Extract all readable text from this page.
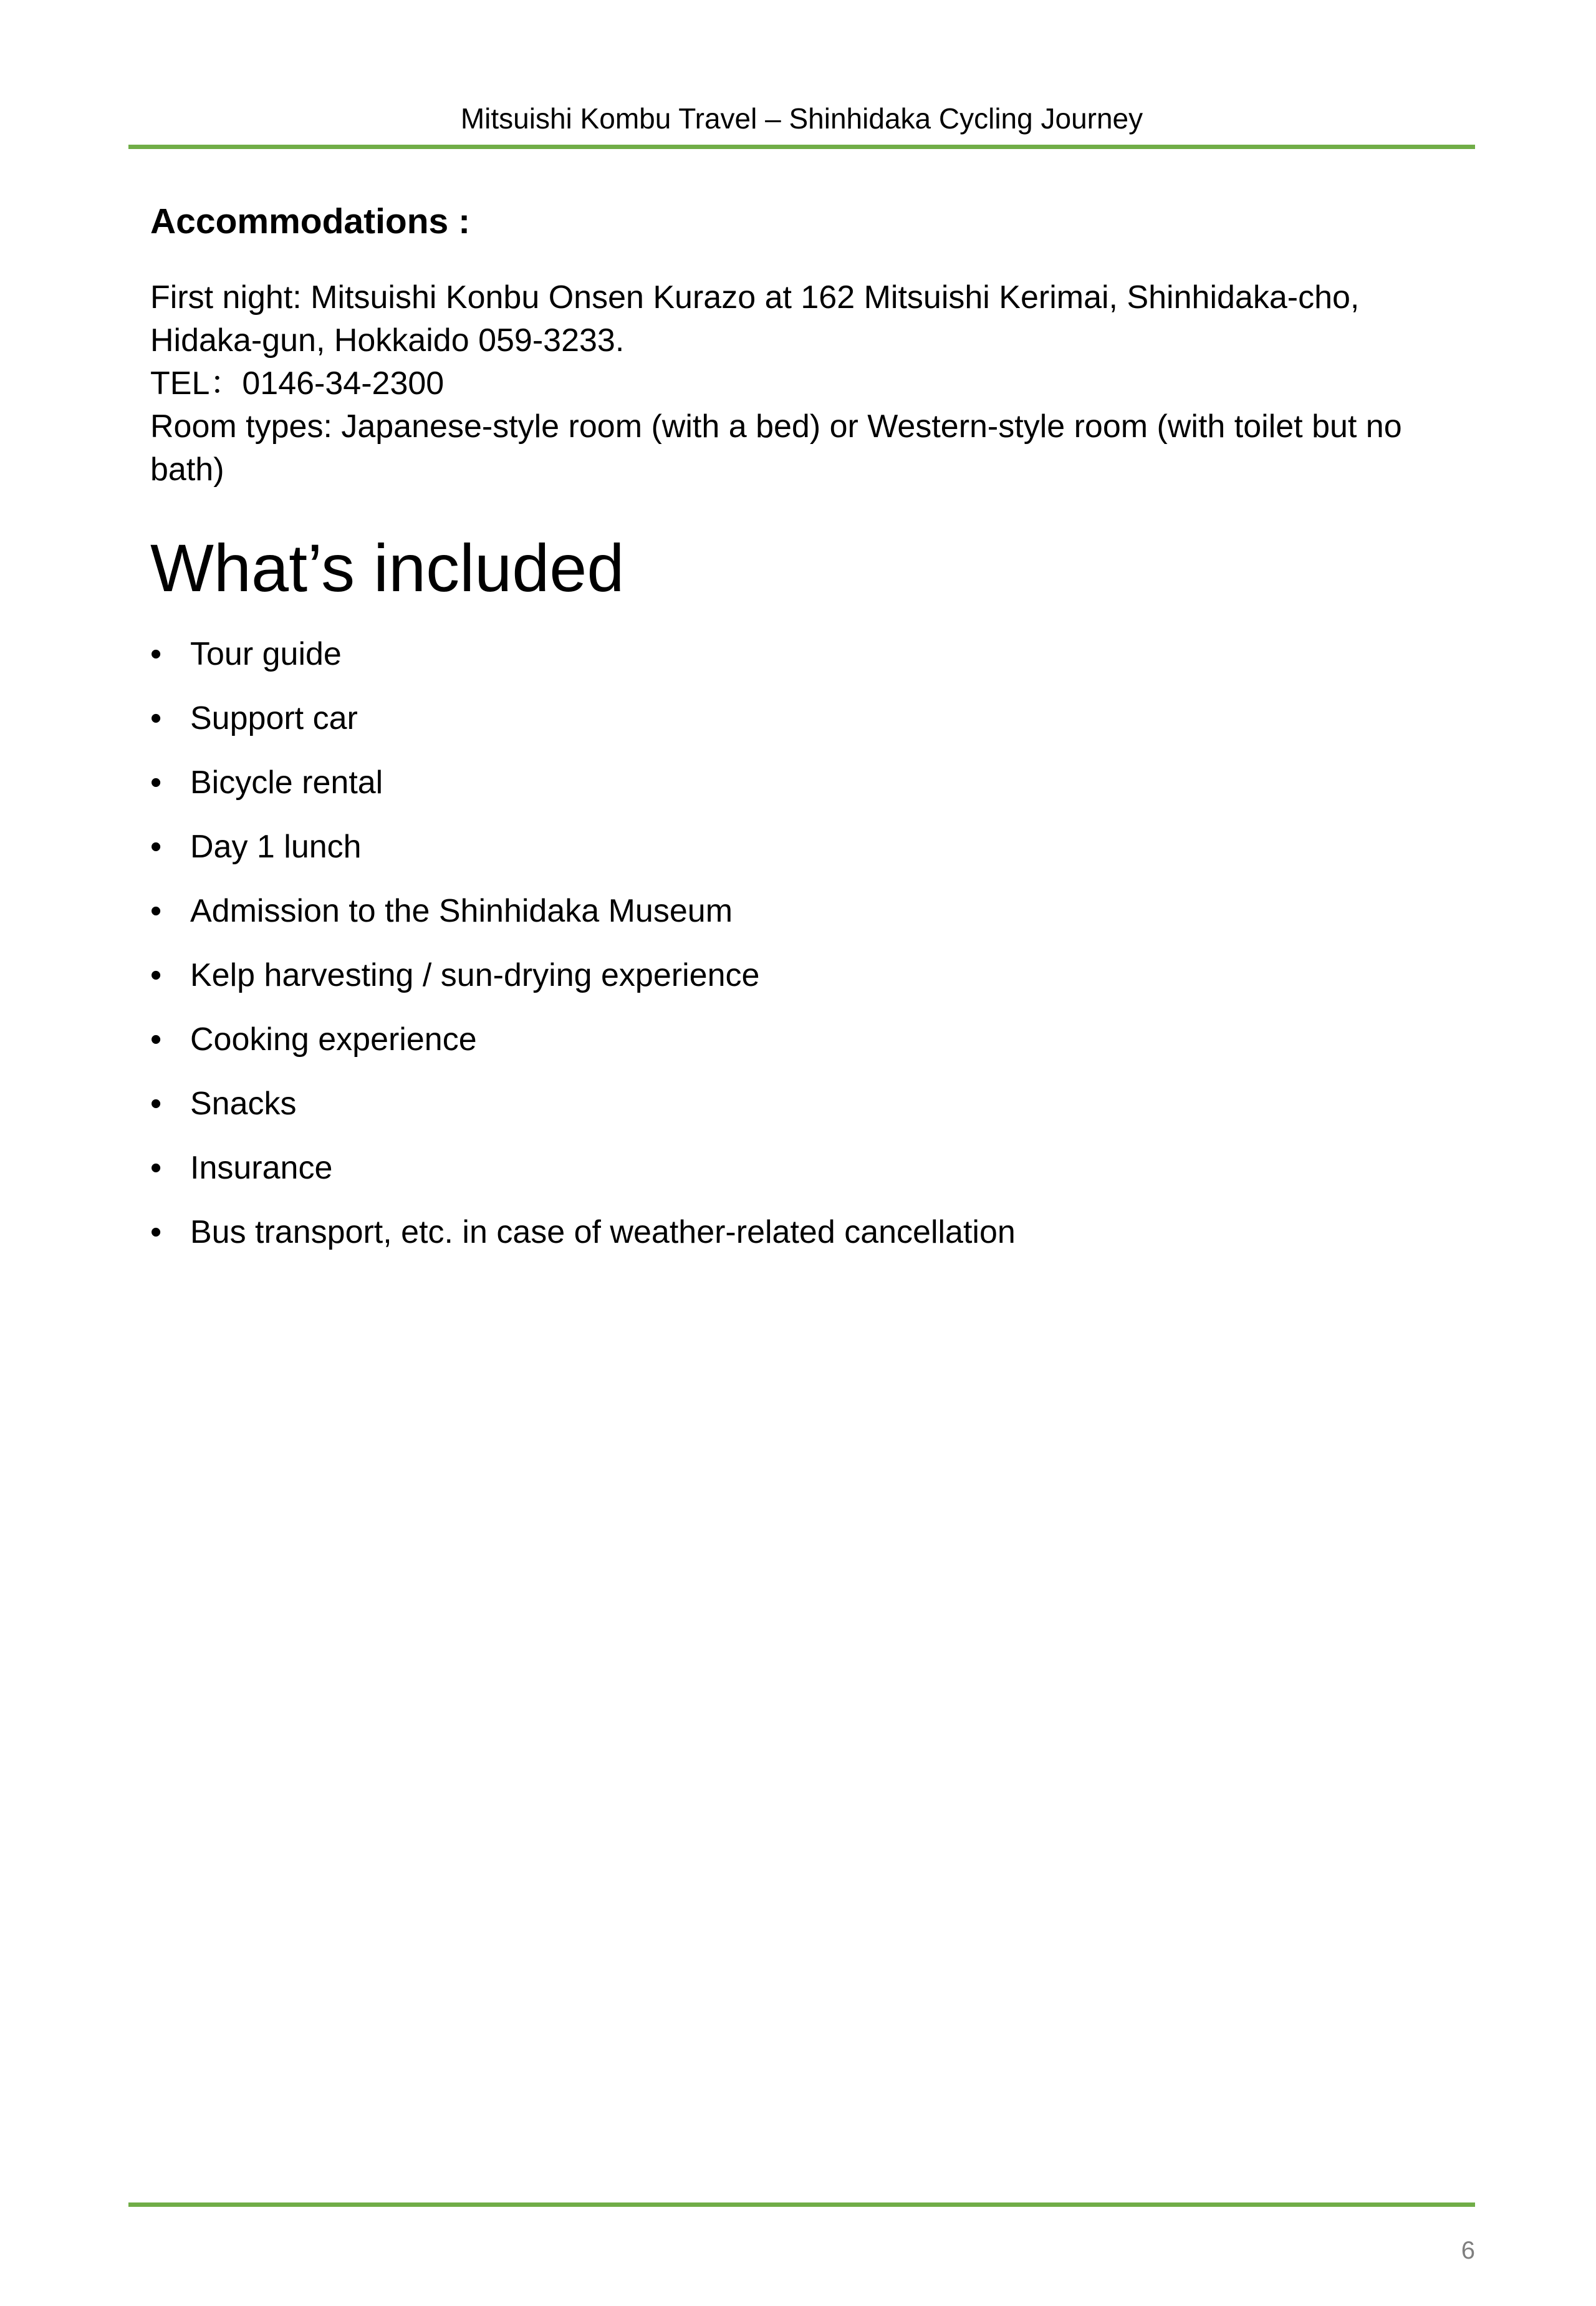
Mitsuishi Kombu Travel – Shinhidaka Cycling Journey
Accommodations :
First night: Mitsuishi Konbu Onsen Kurazo at 162 Mitsuishi Kerimai, Shinhidaka-cho,
Hidaka-gun, Hokkaido 059-3233.
TEL：0146-34-2300
Room types: Japanese-style room (with a bed) or Western-style room (with toilet but no
bath)
What’s included
• Tour guide
• Support car
• Bicycle rental
• Day 1 lunch
• Admission to the Shinhidaka Museum
• Kelp harvesting / sun-drying experience
• Cooking experience
• Snacks
• Insurance
• Bus transport, etc. in case of weather-related cancellation
6
